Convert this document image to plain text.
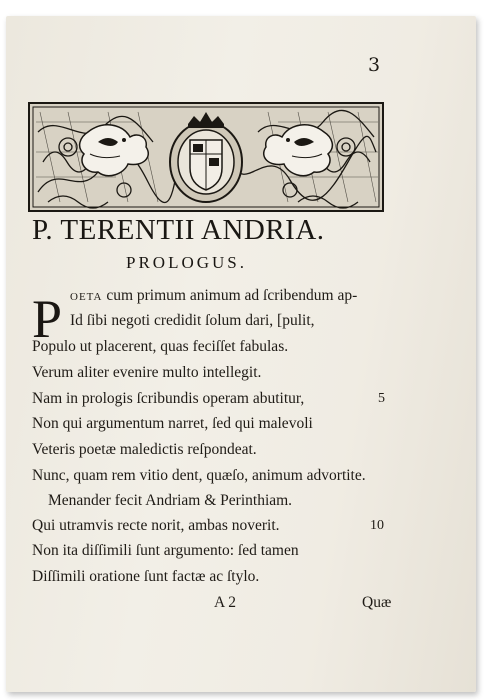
3
P. TERENTII ANDRIA.
PROLOGUS.
P OETA cum primum animum ad ſcribendum ap-
Id ſibi negoti credidit ſolum dari, [pulit,
Populo ut placerent, quas feciſſet fabulas.
Verum aliter evenire multo intellegit.
Nam in prologis ſcribundis operam abutitur,
Non qui argumentum narret, ſed qui malevoli
Veteris poetæ maledictis reſpondeat.
Nunc, quam rem vitio dent, quæſo, animum advortite.
Menander fecit Andriam & Perinthiam.
Qui utramvis recte norit, ambas noverit.
Non ita diſſimili ſunt argumento: ſed tamen
Diſſimili oratione ſunt factæ ac ſtylo.
5
10
A 2	Quæ
